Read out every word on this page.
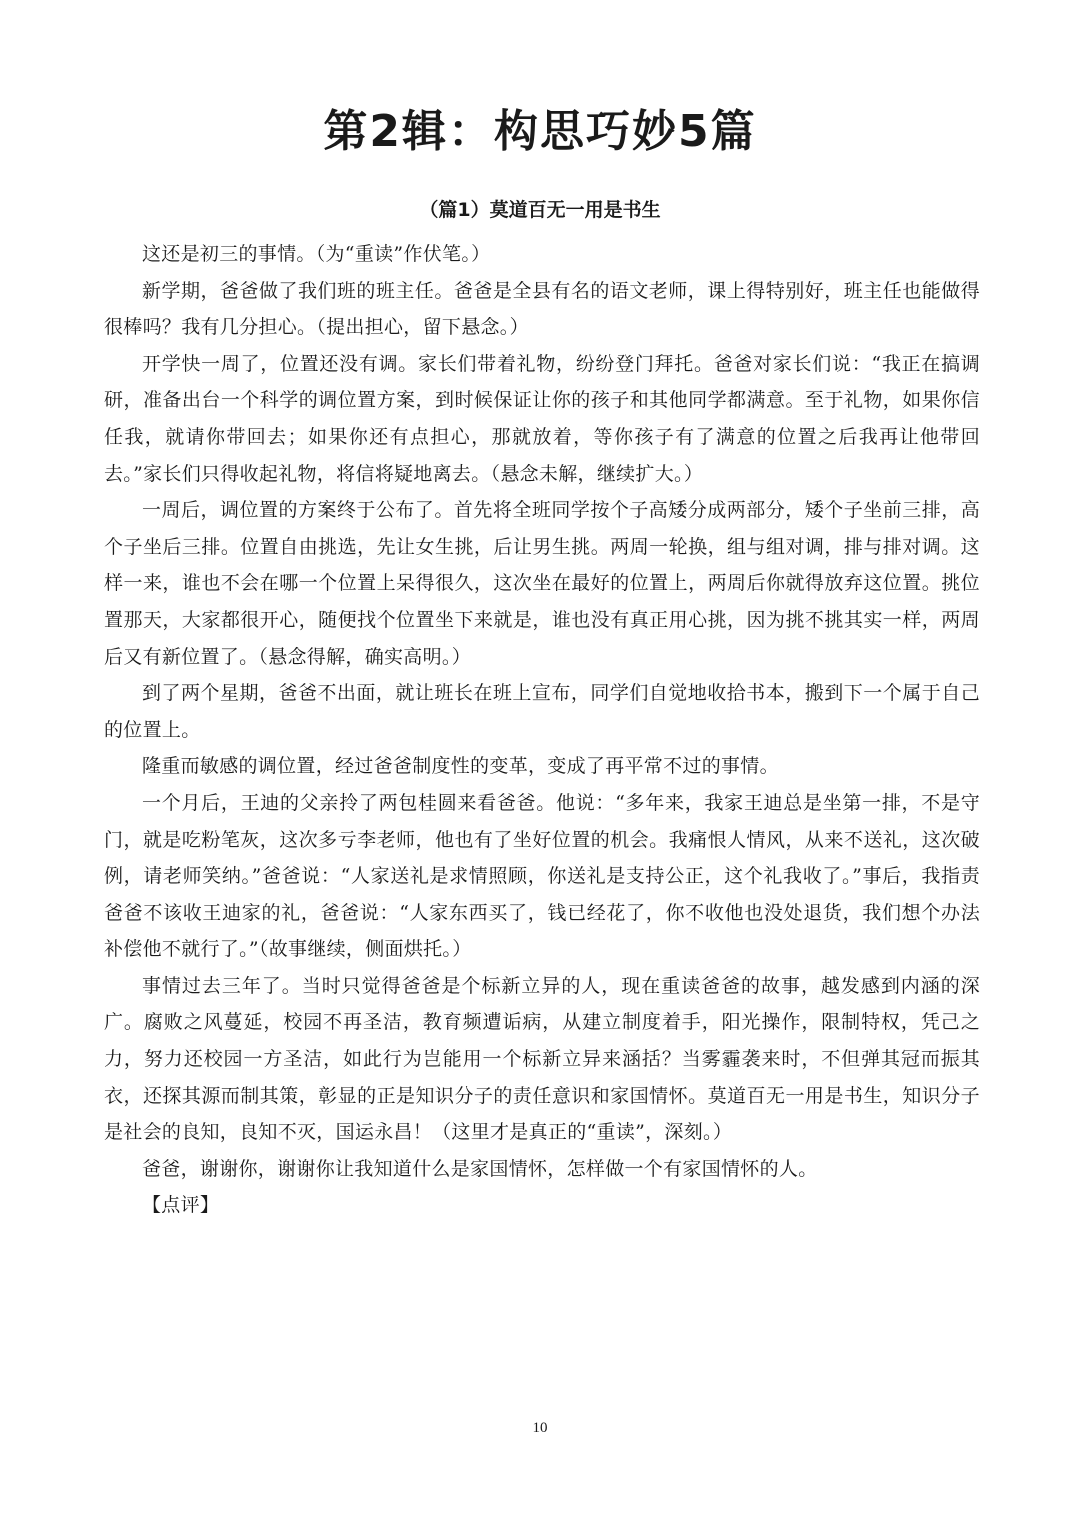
第2辑：构思巧妙5篇
（篇1）莫道百无一用是书生

这还是初三的事情。（为“重读”作伏笔。）

新学期，爸爸做了我们班的班主任。爸爸是全县有名的语文老师，课上得特别好，班主任也能做得很棒吗？我有几分担心。（提出担心，留下悬念。）

开学快一周了，位置还没有调。家长们带着礼物，纷纷登门拜托。爸爸对家长们说：“我正在搞调研，准备出台一个科学的调位置方案，到时候保证让你的孩子和其他同学都满意。至于礼物，如果你信任我，就请你带回去；如果你还有点担心，那就放着，等你孩子有了满意的位置之后我再让他带回去。”家长们只得收起礼物，将信将疑地离去。（悬念未解，继续扩大。）

一周后，调位置的方案终于公布了。首先将全班同学按个子高矮分成两部分，矮个子坐前三排，高个子坐后三排。位置自由挑选，先让女生挑，后让男生挑。两周一轮换，组与组对调，排与排对调。这样一来，谁也不会在哪一个位置上呆得很久，这次坐在最好的位置上，两周后你就得放弃这位置。挑位置那天，大家都很开心，随便找个位置坐下来就是，谁也没有真正用心挑，因为挑不挑其实一样，两周后又有新位置了。（悬念得解，确实高明。）

到了两个星期，爸爸不出面，就让班长在班上宣布，同学们自觉地收拾书本，搬到下一个属于自己的位置上。

隆重而敏感的调位置，经过爸爸制度性的变革，变成了再平常不过的事情。

一个月后，王迪的父亲拎了两包桂圆来看爸爸。他说：“多年来，我家王迪总是坐第一排，不是守门，就是吃粉笔灰，这次多亏李老师，他也有了坐好位置的机会。我痛恨人情风，从来不送礼，这次破例，请老师笑纳。”爸爸说：“人家送礼是求情照顾，你送礼是支持公正，这个礼我收了。”事后，我指责爸爸不该收王迪家的礼，爸爸说：“人家东西买了，钱已经花了，你不收他也没处退货，我们想个办法补偿他不就行了。”（故事继续，侧面烘托。）

事情过去三年了。当时只觉得爸爸是个标新立异的人，现在重读爸爸的故事，越发感到内涵的深广。腐败之风蔓延，校园不再圣洁，教育频遭诟病，从建立制度着手，阳光操作，限制特权，凭己之力，努力还校园一方圣洁，如此行为岂能用一个标新立异来涵括？当雾霾袭来时，不但弹其冠而振其衣，还探其源而制其策，彰显的正是知识分子的责任意识和家国情怀。莫道百无一用是书生，知识分子是社会的良知，良知不灭，国运永昌！（这里才是真正的“重读”，深刻。）

爸爸，谢谢你，谢谢你让我知道什么是家国情怀，怎样做一个有家国情怀的人。

【点评】

10
